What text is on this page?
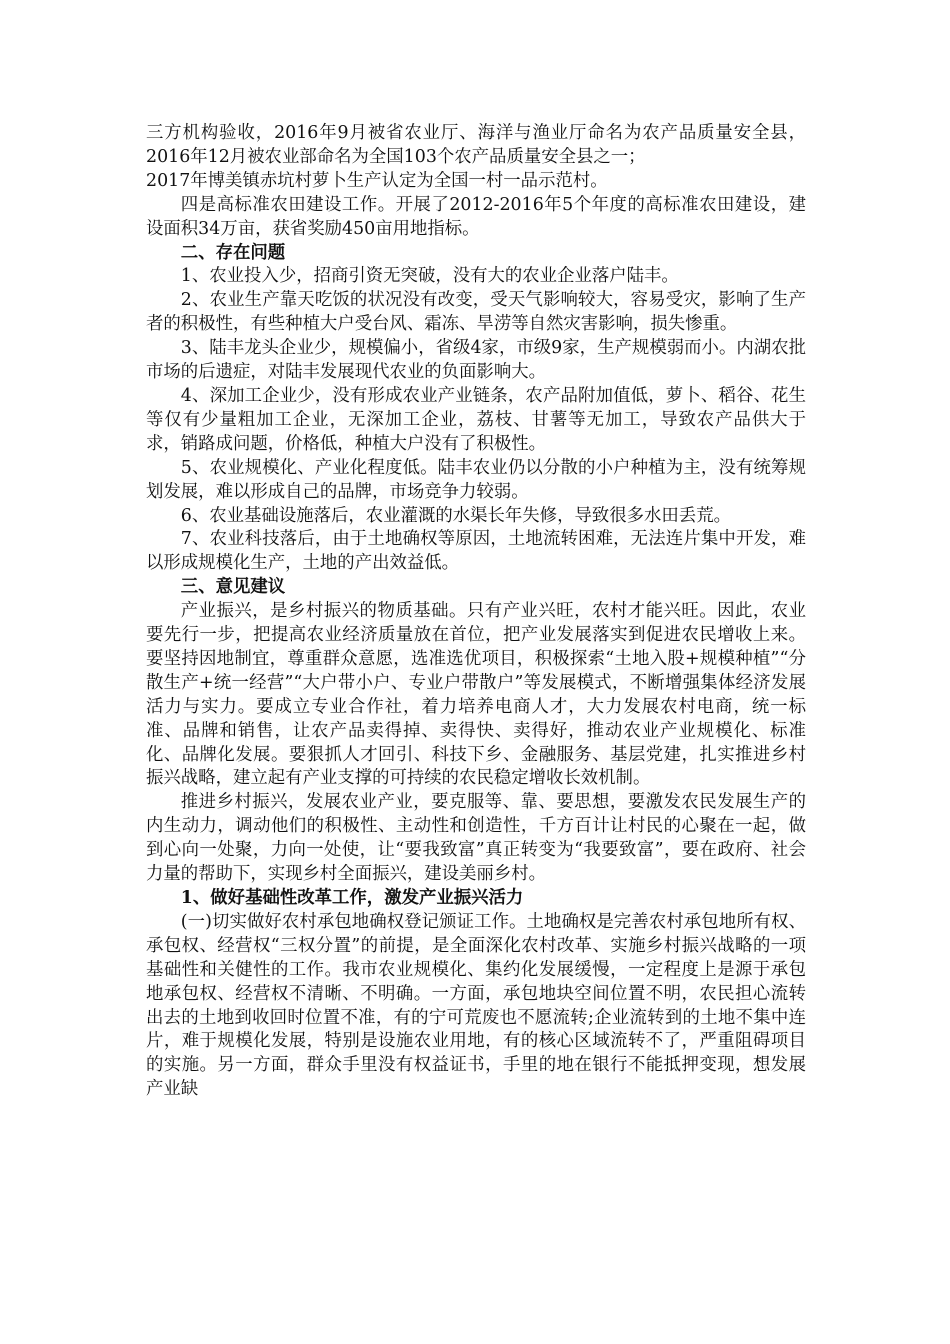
三方机构验收，2016年9月被省农业厅、海洋与渔业厅命名为农产品质量安全县，2016年12月被农业部命名为全国103个农产品质量安全县之一；

2017年博美镇赤坑村萝卜生产认定为全国一村一品示范村。

四是高标准农田建设工作。开展了2012-2016年5个年度的高标准农田建设，建设面积34万亩，获省奖励450亩用地指标。

二、存在问题

1、农业投入少，招商引资无突破，没有大的农业企业落户陆丰。

2、农业生产靠天吃饭的状况没有改变，受天气影响较大，容易受灾，影响了生产者的积极性，有些种植大户受台风、霜冻、旱涝等自然灾害影响，损失惨重。

3、陆丰龙头企业少，规模偏小，省级4家，市级9家，生产规模弱而小。内湖农批市场的后遗症，对陆丰发展现代农业的负面影响大。

4、深加工企业少，没有形成农业产业链条，农产品附加值低，萝卜、稻谷、花生等仅有少量粗加工企业，无深加工企业，荔枝、甘薯等无加工，导致农产品供大于求，销路成问题，价格低，种植大户没有了积极性。

5、农业规模化、产业化程度低。陆丰农业仍以分散的小户种植为主，没有统筹规划发展，难以形成自己的品牌，市场竞争力较弱。

6、农业基础设施落后，农业灌溉的水渠长年失修，导致很多水田丢荒。

7、农业科技落后，由于土地确权等原因，土地流转困难，无法连片集中开发，难以形成规模化生产，土地的产出效益低。

三、意见建议

产业振兴，是乡村振兴的物质基础。只有产业兴旺，农村才能兴旺。因此，农业要先行一步，把提高农业经济质量放在首位，把产业发展落实到促进农民增收上来。要坚持因地制宜，尊重群众意愿，选准选优项目，积极探索“土地入股+规模种植”“分散生产+统一经营”“大户带小户、专业户带散户”等发展模式，不断增强集体经济发展活力与实力。要成立专业合作社，着力培养电商人才，大力发展农村电商，统一标准、品牌和销售，让农产品卖得掉、卖得快、卖得好，推动农业产业规模化、标准化、品牌化发展。要狠抓人才回引、科技下乡、金融服务、基层党建，扎实推进乡村振兴战略，建立起有产业支撑的可持续的农民稳定增收长效机制。

推进乡村振兴，发展农业产业，要克服等、靠、要思想，要激发农民发展生产的内生动力，调动他们的积极性、主动性和创造性，千方百计让村民的心聚在一起，做到心向一处聚，力向一处使，让“要我致富”真正转变为“我要致富”，要在政府、社会力量的帮助下，实现乡村全面振兴，建设美丽乡村。

1、做好基础性改革工作，激发产业振兴活力

(一)切实做好农村承包地确权登记颁证工作。土地确权是完善农村承包地所有权、承包权、经营权“三权分置”的前提，是全面深化农村改革、实施乡村振兴战略的一项基础性和关健性的工作。我市农业规模化、集约化发展缓慢，一定程度上是源于承包地承包权、经营权不清晰、不明确。一方面，承包地块空间位置不明，农民担心流转出去的土地到收回时位置不准，有的宁可荒废也不愿流转;企业流转到的土地不集中连片，难于规模化发展，特别是设施农业用地，有的核心区域流转不了，严重阻碍项目的实施。另一方面，群众手里没有权益证书，手里的地在银行不能抵押变现，想发展产业缺
